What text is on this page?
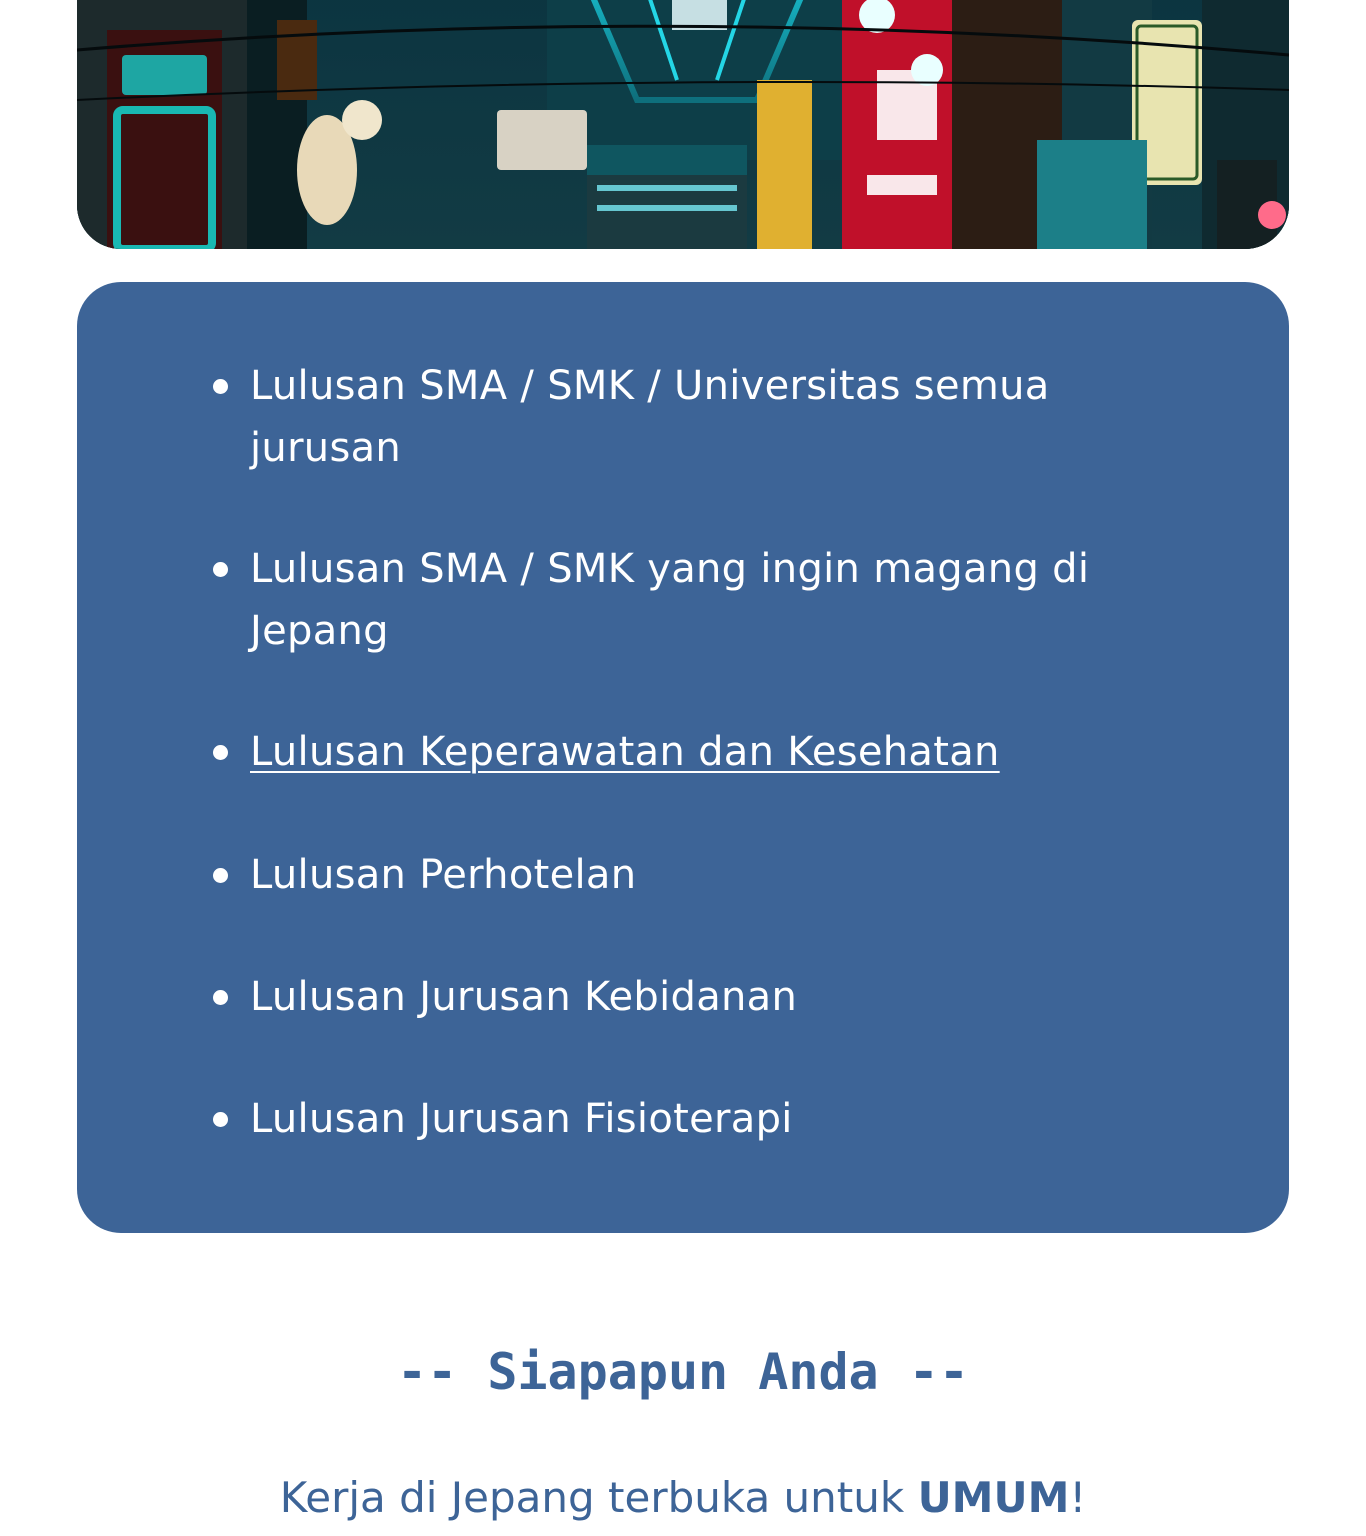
Lulusan SMA / SMK / Universitas semua jurusan
Lulusan SMA / SMK yang ingin magang di Jepang
Lulusan Keperawatan dan Kesehatan
Lulusan Perhotelan
Lulusan Jurusan Kebidanan
Lulusan Jurusan Fisioterapi
-- Siapapun Anda --
Kerja di Jepang terbuka untuk UMUM!
